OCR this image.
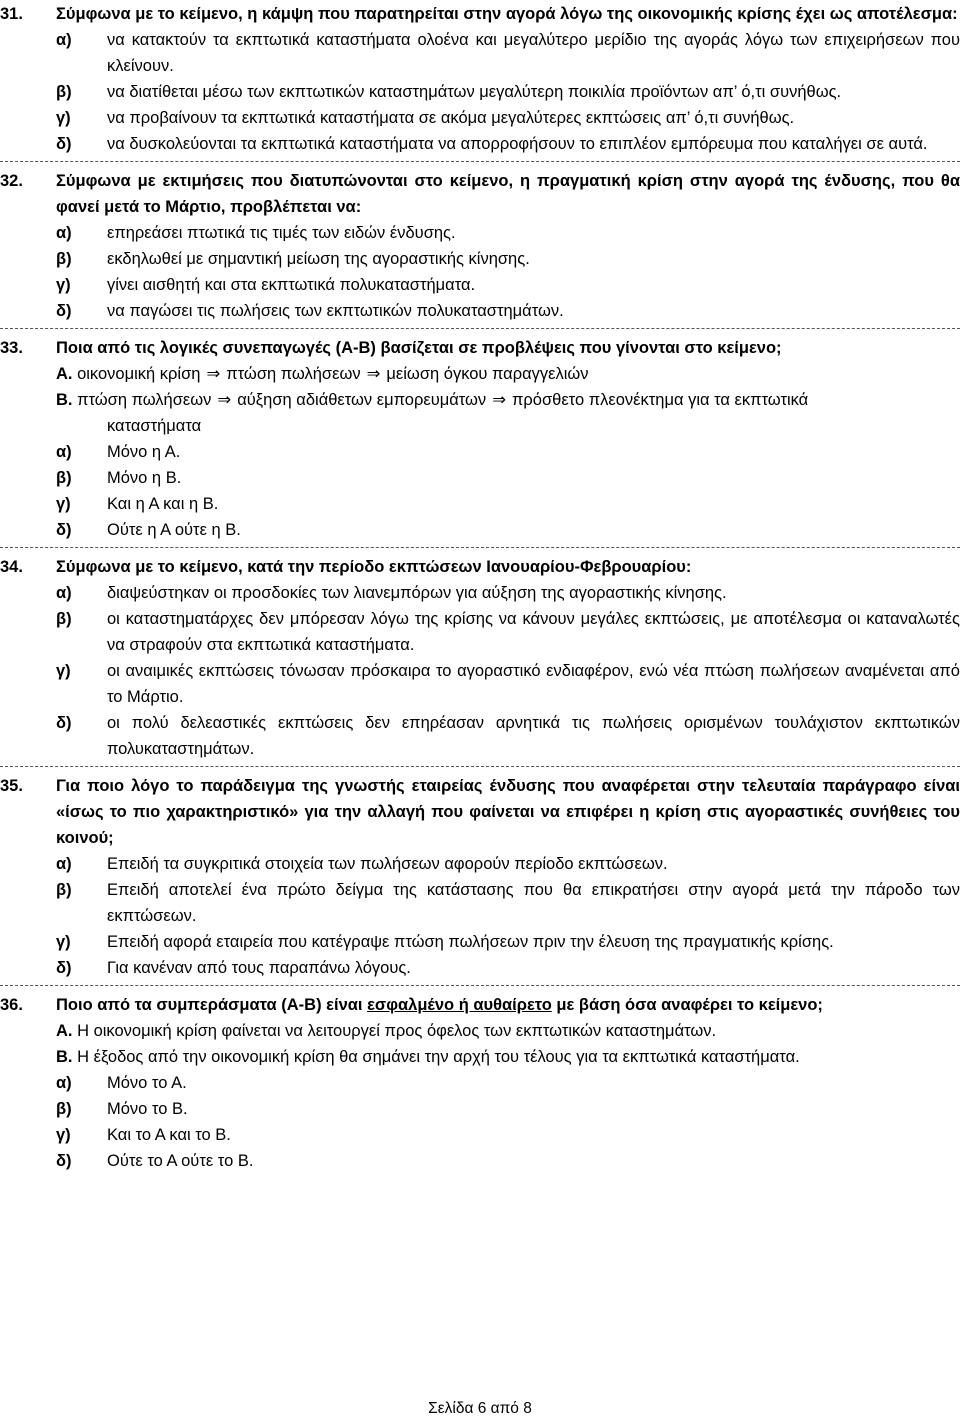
31. Σύμφωνα με το κείμενο, η κάμψη που παρατηρείται στην αγορά λόγω της οικονομικής κρίσης έχει ως αποτέλεσμα:
α) να κατακτούν τα εκπτωτικά καταστήματα ολοένα και μεγαλύτερο μερίδιο της αγοράς λόγω των επιχειρήσεων που κλείνουν.
β) να διατίθεται μέσω των εκπτωτικών καταστημάτων μεγαλύτερη ποικιλία προϊόντων απ’ ό,τι συνήθως.
γ) να προβαίνουν τα εκπτωτικά καταστήματα σε ακόμα μεγαλύτερες εκπτώσεις απ’ ό,τι συνήθως.
δ) να δυσκολεύονται τα εκπτωτικά καταστήματα να απορροφήσουν το επιπλέον εμπόρευμα που καταλήγει σε αυτά.
32. Σύμφωνα με εκτιμήσεις που διατυπώνονται στο κείμενο, η πραγματική κρίση στην αγορά της ένδυσης, που θα φανεί μετά το Μάρτιο, προβλέπεται να:
α) επηρεάσει πτωτικά τις τιμές των ειδών ένδυσης.
β) εκδηλωθεί με σημαντική μείωση της αγοραστικής κίνησης.
γ) γίνει αισθητή και στα εκπτωτικά πολυκαταστήματα.
δ) να παγώσει τις πωλήσεις των εκπτωτικών πολυκαταστημάτων.
33. Ποια από τις λογικές συνεπαγωγές (Α-Β) βασίζεται σε προβλέψεις που γίνονται στο κείμενο;
Α. οικονομική κρίση ⇒ πτώση πωλήσεων ⇒ μείωση όγκου παραγγελιών
Β. πτώση πωλήσεων ⇒ αύξηση αδιάθετων εμπορευμάτων ⇒ πρόσθετο πλεονέκτημα για τα εκπτωτικά
καταστήματα
α) Μόνο η Α.
β) Μόνο η Β.
γ) Και η Α και η Β.
δ) Ούτε η Α ούτε η Β.
34. Σύμφωνα με το κείμενο, κατά την περίοδο εκπτώσεων Ιανουαρίου-Φεβρουαρίου:
α) διαψεύστηκαν οι προσδοκίες των λιανεμπόρων για αύξηση της αγοραστικής κίνησης.
β) οι καταστηματάρχες δεν μπόρεσαν λόγω της κρίσης να κάνουν μεγάλες εκπτώσεις, με αποτέλεσμα οι καταναλωτές να στραφούν στα εκπτωτικά καταστήματα.
γ) οι αναιμικές εκπτώσεις τόνωσαν πρόσκαιρα το αγοραστικό ενδιαφέρον, ενώ νέα πτώση πωλήσεων αναμένεται από το Μάρτιο.
δ) οι πολύ δελεαστικές εκπτώσεις δεν επηρέασαν αρνητικά τις πωλήσεις ορισμένων τουλάχιστον εκπτωτικών πολυκαταστημάτων.
35. Για ποιο λόγο το παράδειγμα της γνωστής εταιρείας ένδυσης που αναφέρεται στην τελευταία παράγραφο είναι «ίσως το πιο χαρακτηριστικό» για την αλλαγή που φαίνεται να επιφέρει η κρίση στις αγοραστικές συνήθειες του κοινού;
α) Επειδή τα συγκριτικά στοιχεία των πωλήσεων αφορούν περίοδο εκπτώσεων.
β) Επειδή αποτελεί ένα πρώτο δείγμα της κατάστασης που θα επικρατήσει στην αγορά μετά την πάροδο των εκπτώσεων.
γ) Επειδή αφορά εταιρεία που κατέγραψε πτώση πωλήσεων πριν την έλευση της πραγματικής κρίσης.
δ) Για κανέναν από τους παραπάνω λόγους.
36. Ποιο από τα συμπεράσματα (Α-Β) είναι εσφαλμένο ή αυθαίρετο με βάση όσα αναφέρει το κείμενο;
Α. Η οικονομική κρίση φαίνεται να λειτουργεί προς όφελος των εκπτωτικών καταστημάτων.
Β. Η έξοδος από την οικονομική κρίση θα σημάνει την αρχή του τέλους για τα εκπτωτικά καταστήματα.
α) Μόνο το Α.
β) Μόνο το Β.
γ) Και το Α και το Β.
δ) Ούτε το Α ούτε το Β.
Σελίδα 6 από 8
